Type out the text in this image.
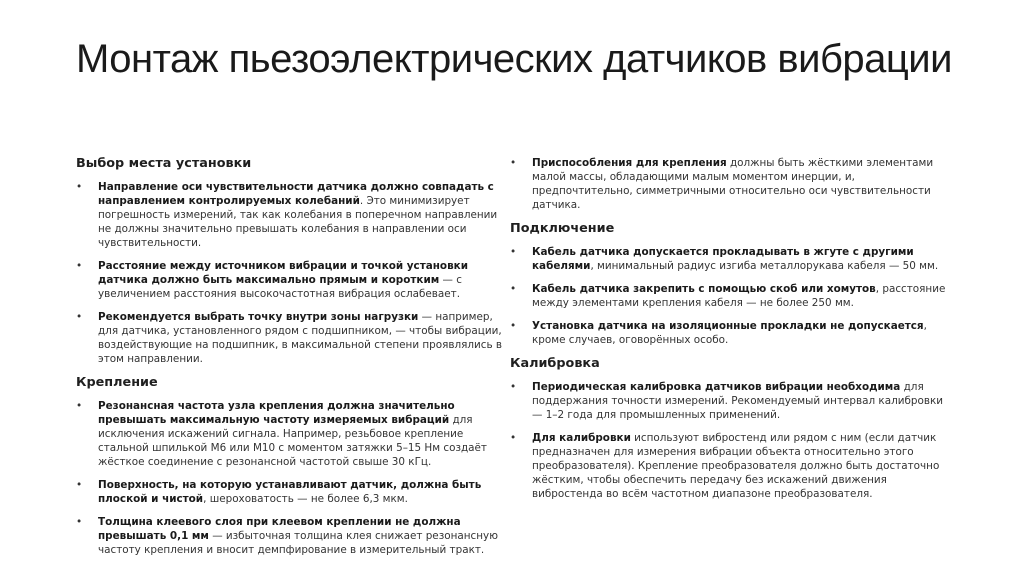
Монтаж пьезоэлектрических датчиков вибрации
Выбор места установки
• Направление оси чувствительности датчика должно совпадать с направлением контролируемых колебаний. Это минимизирует погрешность измерений, так как колебания в поперечном направлении не должны значительно превышать колебания в направлении оси чувствительности.
• Расстояние между источником вибрации и точкой установки датчика должно быть максимально прямым и коротким — с увеличением расстояния высокочастотная вибрация ослабевает.
• Рекомендуется выбрать точку внутри зоны нагрузки — например, для датчика, установленного рядом с подшипником, — чтобы вибрации, воздействующие на подшипник, в максимальной степени проявлялись в этом направлении.
Крепление
• Резонансная частота узла крепления должна значительно превышать максимальную частоту измеряемых вибраций для исключения искажений сигнала. Например, резьбовое крепление стальной шпилькой М6 или М10 с моментом затяжки 5–15 Нм создаёт жёсткое соединение с резонансной частотой свыше 30 кГц.
• Поверхность, на которую устанавливают датчик, должна быть плоской и чистой, шероховатость — не более 6,3 мкм.
• Толщина клеевого слоя при клеевом креплении не должна превышать 0,1 мм — избыточная толщина клея снижает резонансную частоту крепления и вносит демпфирование в измерительный тракт.
• Приспособления для крепления должны быть жёсткими элементами малой массы, обладающими малым моментом инерции, и, предпочтительно, симметричными относительно оси чувствительности датчика.
Подключение
• Кабель датчика допускается прокладывать в жгуте с другими кабелями, минимальный радиус изгиба металлорукава кабеля — 50 мм.
• Кабель датчика закрепить с помощью скоб или хомутов, расстояние между элементами крепления кабеля — не более 250 мм.
• Установка датчика на изоляционные прокладки не допускается, кроме случаев, оговорённых особо.
Калибровка
• Периодическая калибровка датчиков вибрации необходима для поддержания точности измерений. Рекомендуемый интервал калибровки — 1–2 года для промышленных применений.
• Для калибровки используют вибростенд или рядом с ним (если датчик предназначен для измерения вибрации объекта относительно этого преобразователя). Крепление преобразователя должно быть достаточно жёстким, чтобы обеспечить передачу без искажений движения вибростенда во всём частотном диапазоне преобразователя.
